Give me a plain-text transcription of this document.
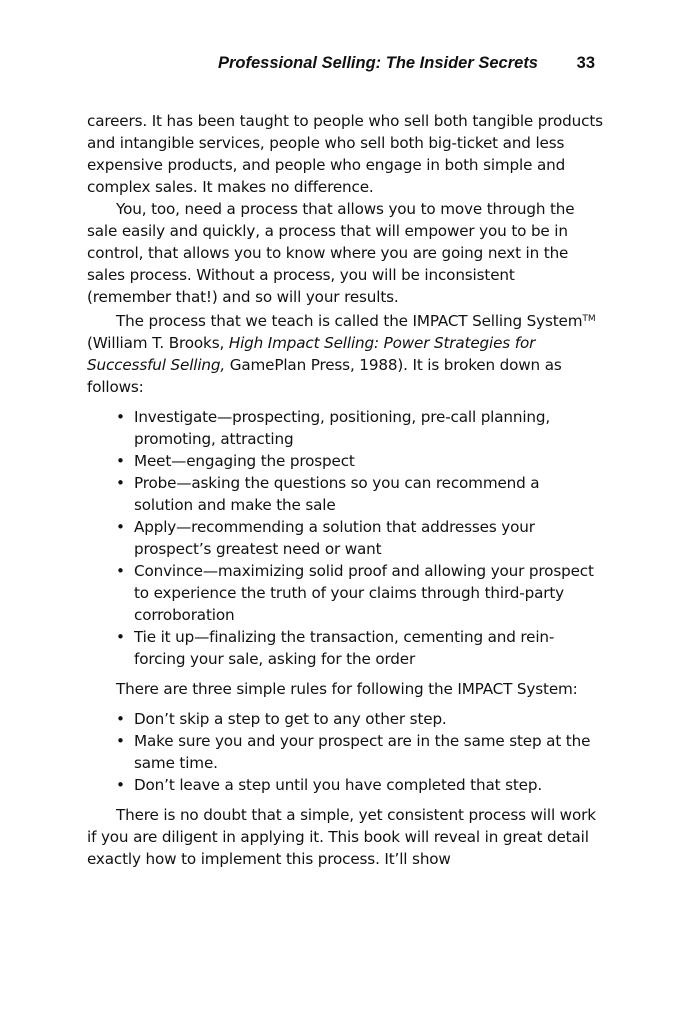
Professional Selling: The Insider Secrets 33

careers. It has been taught to people who sell both tangible products and intangible services, people who sell both big-ticket and less expensive products, and people who engage in both simple and complex sales. It makes no difference.

You, too, need a process that allows you to move through the sale easily and quickly, a process that will empower you to be in control, that allows you to know where you are going next in the sales process. Without a process, you will be inconsistent (remember that!) and so will your results.

The process that we teach is called the IMPACT Selling System™ (William T. Brooks, High Impact Selling: Power Strategies for Successful Selling, GamePlan Press, 1988). It is broken down as follows:

• Investigate—prospecting, positioning, pre-call planning, promoting, attracting
• Meet—engaging the prospect
• Probe—asking the questions so you can recommend a solution and make the sale
• Apply—recommending a solution that addresses your prospect’s greatest need or want
• Convince—maximizing solid proof and allowing your prospect to experience the truth of your claims through third-party corroboration
• Tie it up—finalizing the transaction, cementing and rein-forcing your sale, asking for the order

There are three simple rules for following the IMPACT System:

• Don’t skip a step to get to any other step.
• Make sure you and your prospect are in the same step at the same time.
• Don’t leave a step until you have completed that step.

There is no doubt that a simple, yet consistent process will work if you are diligent in applying it. This book will reveal in great detail exactly how to implement this process. It’ll show
